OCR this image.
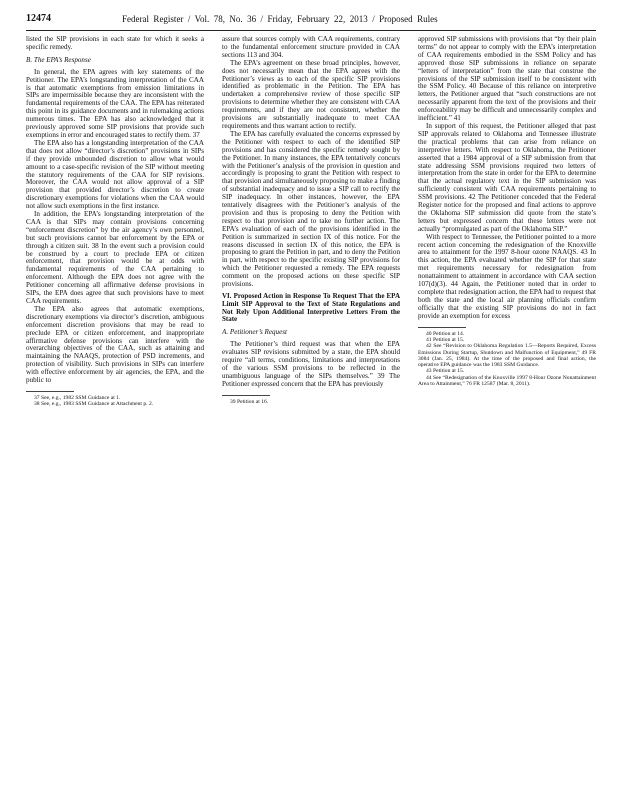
12474	Federal Register / Vol. 78, No. 36 / Friday, February 22, 2013 / Proposed Rules

listed the SIP provisions in each state for which it seeks a specific remedy.

B. The EPA’s Response

In general, the EPA agrees with key statements of the Petitioner. The EPA’s longstanding interpretation of the CAA is that automatic exemptions from emission limitations in SIPs are impermissible because they are inconsistent with the fundamental requirements of the CAA. The EPA has reiterated this point in its guidance documents and in rulemaking actions numerous times. The EPA has also acknowledged that it previously approved some SIP provisions that provide such exemptions in error and encouraged states to rectify them. 37

The EPA also has a longstanding interpretation of the CAA that does not allow “director’s discretion” provisions in SIPs if they provide unbounded discretion to allow what would amount to a case-specific revision of the SIP without meeting the statutory requirements of the CAA for SIP revisions. Moreover, the CAA would not allow approval of a SIP provision that provided director’s discretion to create discretionary exemptions for violations when the CAA would not allow such exemptions in the first instance.

In addition, the EPA’s longstanding interpretation of the CAA is that SIPs may contain provisions concerning “enforcement discretion” by the air agency’s own personnel, but such provisions cannot bar enforcement by the EPA or through a citizen suit. 38 In the event such a provision could be construed by a court to preclude EPA or citizen enforcement, that provision would be at odds with fundamental requirements of the CAA pertaining to enforcement. Although the EPA does not agree with the Petitioner concerning all affirmative defense provisions in SIPs, the EPA does agree that such provisions have to meet CAA requirements.

The EPA also agrees that automatic exemptions, discretionary exemptions via director’s discretion, ambiguous enforcement discretion provisions that may be read to preclude EPA or citizen enforcement, and inappropriate affirmative defense provisions can interfere with the overarching objectives of the CAA, such as attaining and maintaining the NAAQS, protection of PSD increments, and protection of visibility. Such provisions in SIPs can interfere with effective enforcement by air agencies, the EPA, and the public to

37 See, e.g., 1982 SSM Guidance at 1.

38 See, e.g., 1983 SSM Guidance at Attachment p. 2.

assure that sources comply with CAA requirements, contrary to the fundamental enforcement structure provided in CAA sections 113 and 304.

The EPA’s agreement on these broad principles, however, does not necessarily mean that the EPA agrees with the Petitioner’s views as to each of the specific SIP provisions identified as problematic in the Petition. The EPA has undertaken a comprehensive review of those specific SIP provisions to determine whether they are consistent with CAA requirements, and if they are not consistent, whether the provisions are substantially inadequate to meet CAA requirements and thus warrant action to rectify.

The EPA has carefully evaluated the concerns expressed by the Petitioner with respect to each of the identified SIP provisions and has considered the specific remedy sought by the Petitioner. In many instances, the EPA tentatively concurs with the Petitioner’s analysis of the provision in question and accordingly is proposing to grant the Petition with respect to that provision and simultaneously proposing to make a finding of substantial inadequacy and to issue a SIP call to rectify the SIP inadequacy. In other instances, however, the EPA tentatively disagrees with the Petitioner’s analysis of the provision and thus is proposing to deny the Petition with respect to that provision and to take no further action. The EPA’s evaluation of each of the provisions identified in the Petition is summarized in section IX of this notice. For the reasons discussed in section IX of this notice, the EPA is proposing to grant the Petition in part, and to deny the Petition in part, with respect to the specific existing SIP provisions for which the Petitioner requested a remedy. The EPA requests comment on the proposed actions on these specific SIP provisions.

VI. Proposed Action in Response To Request That the EPA Limit SIP Approval to the Text of State Regulations and Not Rely Upon Additional Interpretive Letters From the State

A. Petitioner’s Request

The Petitioner’s third request was that when the EPA evaluates SIP revisions submitted by a state, the EPA should require “all terms, conditions, limitations and interpretations of the various SSM provisions to be reflected in the unambiguous language of the SIPs themselves.” 39 The Petitioner expressed concern that the EPA has previously

39 Petition at 16.

approved SIP submissions with provisions that “by their plain terms” do not appear to comply with the EPA’s interpretation of CAA requirements embodied in the SSM Policy and has approved those SIP submissions in reliance on separate “letters of interpretation” from the state that construe the provisions of the SIP submission itself to be consistent with the SSM Policy. 40 Because of this reliance on interpretive letters, the Petitioner argued that “such constructions are not necessarily apparent from the text of the provisions and their enforceability may be difficult and unnecessarily complex and inefficient.” 41

In support of this request, the Petitioner alleged that past SIP approvals related to Oklahoma and Tennessee illustrate the practical problems that can arise from reliance on interpretive letters. With respect to Oklahoma, the Petitioner asserted that a 1984 approval of a SIP submission from that state addressing SSM provisions required two letters of interpretation from the state in order for the EPA to determine that the actual regulatory text in the SIP submission was sufficiently consistent with CAA requirements pertaining to SSM provisions. 42 The Petitioner conceded that the Federal Register notice for the proposed and final actions to approve the Oklahoma SIP submission did quote from the state’s letters but expressed concern that these letters were not actually “promulgated as part of the Oklahoma SIP.”

With respect to Tennessee, the Petitioner pointed to a more recent action concerning the redesignation of the Knoxville area to attainment for the 1997 8-hour ozone NAAQS. 43 In this action, the EPA evaluated whether the SIP for that state met requirements necessary for redesignation from nonattainment to attainment in accordance with CAA section 107(d)(3). 44 Again, the Petitioner noted that in order to complete that redesignation action, the EPA had to request that both the state and the local air planning officials confirm officially that the existing SIP provisions do not in fact provide an exemption for excess

40 Petition at 14.

41 Petition at 15.

42 See “Revision to Oklahoma Regulation 1.5—Reports Required, Excess Emissions During Startup, Shutdown and Malfunction of Equipment,” 49 FR 3084 (Jan. 25, 1984). At the time of the proposed and final action, the operative EPA guidance was the 1983 SSM Guidance.

43 Petition at 15.

44 See “Redesignation of the Knoxville 1997 8-Hour Ozone Nonattainment Area to Attainment,” 76 FR 12587 (Mar. 8, 2011).
